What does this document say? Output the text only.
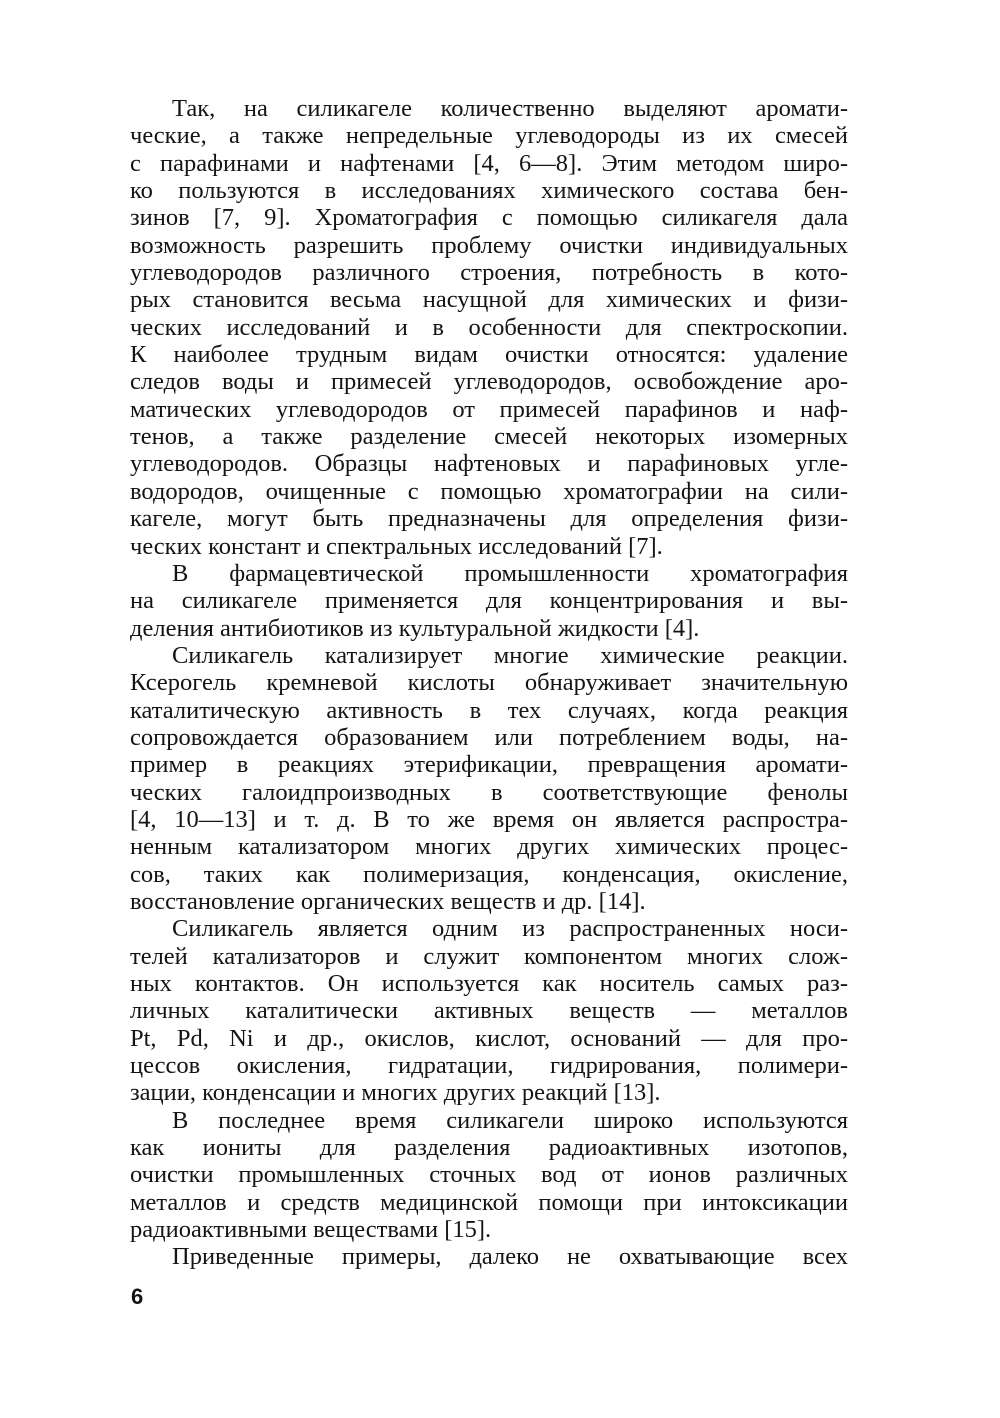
Так, на силикагеле количественно выделяют аромати-
ческие, а также непредельные углеводороды из их смесей
с парафинами и нафтенами [4, 6—8]. Этим методом широ-
ко пользуются в исследованиях химического состава бен-
зинов [7, 9]. Хроматография с помощью силикагеля дала
возможность разрешить проблему очистки индивидуальных
углеводородов различного строения, потребность в кото-
рых становится весьма насущной для химических и физи-
ческих исследований и в особенности для спектроскопии.
К наиболее трудным видам очистки относятся: удаление
следов воды и примесей углеводородов, освобождение аро-
матических углеводородов от примесей парафинов и наф-
тенов, а также разделение смесей некоторых изомерных
углеводородов. Образцы нафтеновых и парафиновых угле-
водородов, очищенные с помощью хроматографии на сили-
кагеле, могут быть предназначены для определения физи-
ческих констант и спектральных исследований [7].
В фармацевтической промышленности хроматография
на силикагеле применяется для концентрирования и вы-
деления антибиотиков из культуральной жидкости [4].
Силикагель катализирует многие химические реакции.
Ксерогель кремневой кислоты обнаруживает значительную
каталитическую активность в тех случаях, когда реакция
сопровождается образованием или потреблением воды, на-
пример в реакциях этерификации, превращения аромати-
ческих галоидпроизводных в соответствующие фенолы
[4, 10—13] и т. д. В то же время он является распростра-
ненным катализатором многих других химических процес-
сов, таких как полимеризация, конденсация, окисление,
восстановление органических веществ и др. [14].
Силикагель является одним из распространенных носи-
телей катализаторов и служит компонентом многих слож-
ных контактов. Он используется как носитель самых раз-
личных каталитически активных веществ — металлов
Pt, Pd, Ni и др., окислов, кислот, оснований — для про-
цессов окисления, гидратации, гидрирования, полимери-
зации, конденсации и многих других реакций [13].
В последнее время силикагели широко используются
как иониты для разделения радиоактивных изотопов,
очистки промышленных сточных вод от ионов различных
металлов и средств медицинской помощи при интоксикации
радиоактивными веществами [15].
Приведенные примеры, далеко не охватывающие всех
6
